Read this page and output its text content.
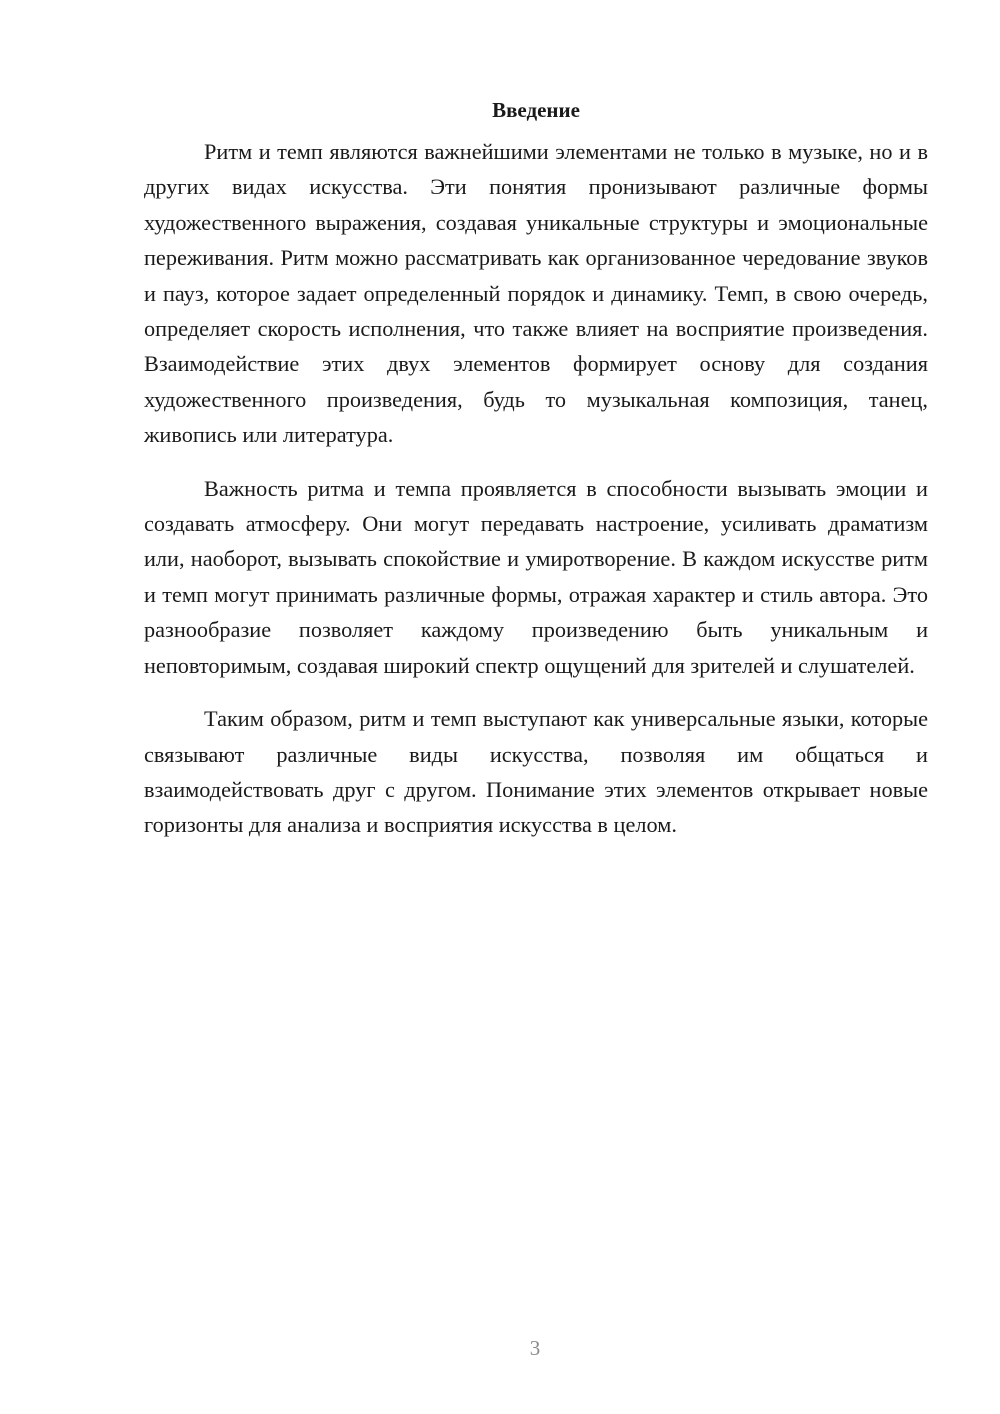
Введение

Ритм и темп являются важнейшими элементами не только в музыке, но и в других видах искусства. Эти понятия пронизывают различные формы художественного выражения, создавая уникальные структуры и эмоциональные переживания. Ритм можно рассматривать как организованное чередование звуков и пауз, которое задает определенный порядок и динамику. Темп, в свою очередь, определяет скорость исполнения, что также влияет на восприятие произведения. Взаимодействие этих двух элементов формирует основу для создания художественного произведения, будь то музыкальная композиция, танец, живопись или литература.

Важность ритма и темпа проявляется в способности вызывать эмоции и создавать атмосферу. Они могут передавать настроение, усиливать драматизм или, наоборот, вызывать спокойствие и умиротворение. В каждом искусстве ритм и темп могут принимать различные формы, отражая характер и стиль автора. Это разнообразие позволяет каждому произведению быть уникальным и неповторимым, создавая широкий спектр ощущений для зрителей и слушателей.

Таким образом, ритм и темп выступают как универсальные языки, которые связывают различные виды искусства, позволяя им общаться и взаимодействовать друг с другом. Понимание этих элементов открывает новые горизонты для анализа и восприятия искусства в целом.

3
